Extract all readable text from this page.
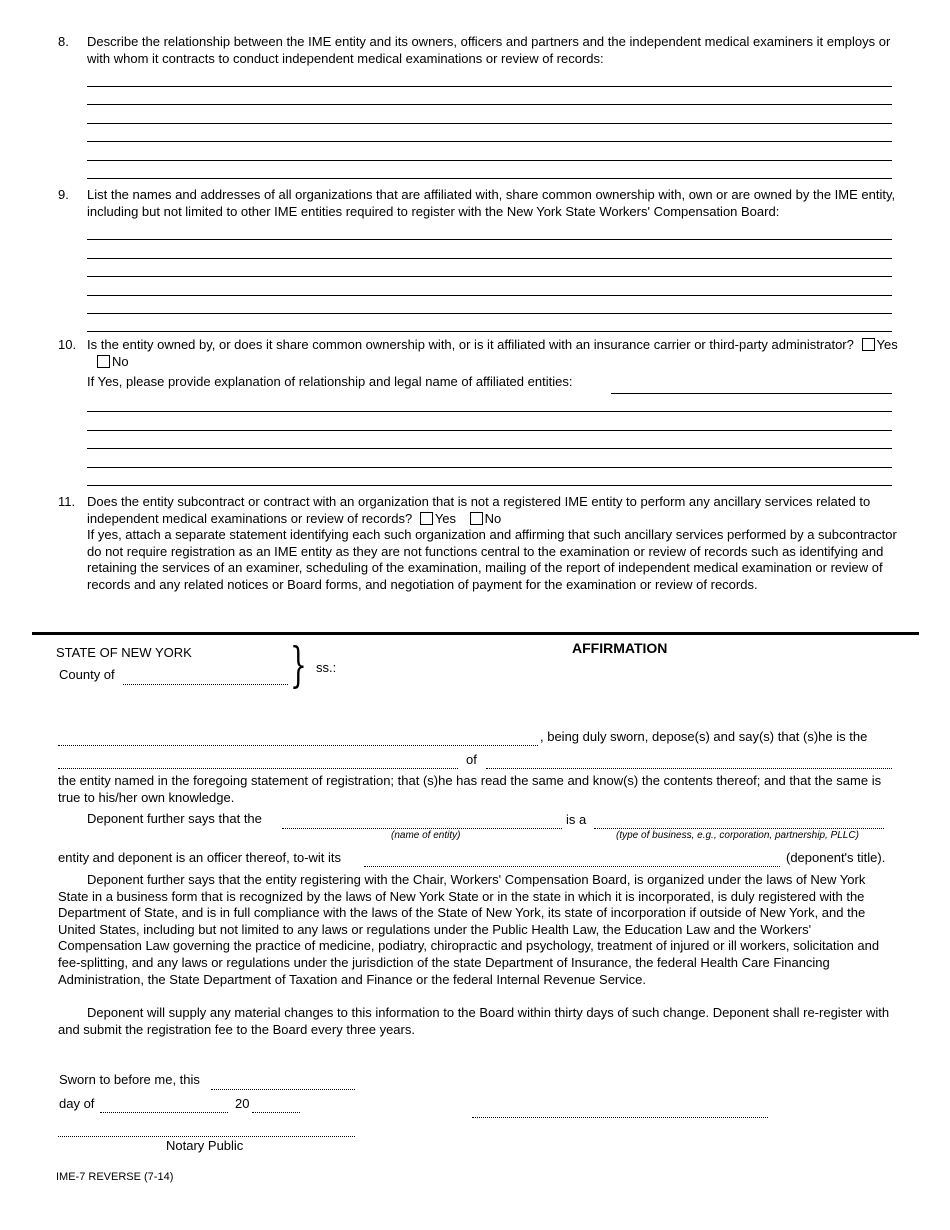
8. Describe the relationship between the IME entity and its owners, officers and partners and the independent medical examiners it employs or with whom it contracts to conduct independent medical examinations or review of records:
9. List the names and addresses of all organizations that are affiliated with, share common ownership with, own or are owned by the IME entity, including but not limited to other IME entities required to register with the New York State Workers' Compensation Board:
10. Is the entity owned by, or does it share common ownership with, or is it affiliated with an insurance carrier or third-party administrator? Yes No
If Yes, please provide explanation of relationship and legal name of affiliated entities:
11. Does the entity subcontract or contract with an organization that is not a registered IME entity to perform any ancillary services related to independent medical examinations or review of records? Yes No
If yes, attach a separate statement identifying each such organization and affirming that such ancillary services performed by a subcontractor do not require registration as an IME entity as they are not functions central to the examination or review of records such as identifying and retaining the services of an examiner, scheduling of the examination, mailing of the report of independent medical examination or review of records and any related notices or Board forms, and negotiation of payment for the examination or review of records.
STATE OF NEW YORK
County of	} ss.:
AFFIRMATION
, being duly sworn, depose(s) and say(s) that (s)he is the
of
the entity named in the foregoing statement of registration; that (s)he has read the same and know(s) the contents thereof; and that the same is true to his/her own knowledge.
Deponent further says that the	is a
(name of entity)	(type of business, e.g., corporation, partnership, PLLC)
entity and deponent is an officer thereof, to-wit its	(deponent's title).
Deponent further says that the entity registering with the Chair, Workers' Compensation Board, is organized under the laws of New York State in a business form that is recognized by the laws of New York State or in the state in which it is incorporated, is duly registered with the Department of State, and is in full compliance with the laws of the State of New York, its state of incorporation if outside of New York, and the United States, including but not limited to any laws or regulations under the Public Health Law, the Education Law and the Workers' Compensation Law governing the practice of medicine, podiatry, chiropractic and psychology, treatment of injured or ill workers, solicitation and fee-splitting, and any laws or regulations under the jurisdiction of the state Department of Insurance, the federal Health Care Financing Administration, the State Department of Taxation and Finance or the federal Internal Revenue Service.
Deponent will supply any material changes to this information to the Board within thirty days of such change. Deponent shall re-register with and submit the registration fee to the Board every three years.
Sworn to before me, this
day of	20
Notary Public
IME-7 REVERSE (7-14)
